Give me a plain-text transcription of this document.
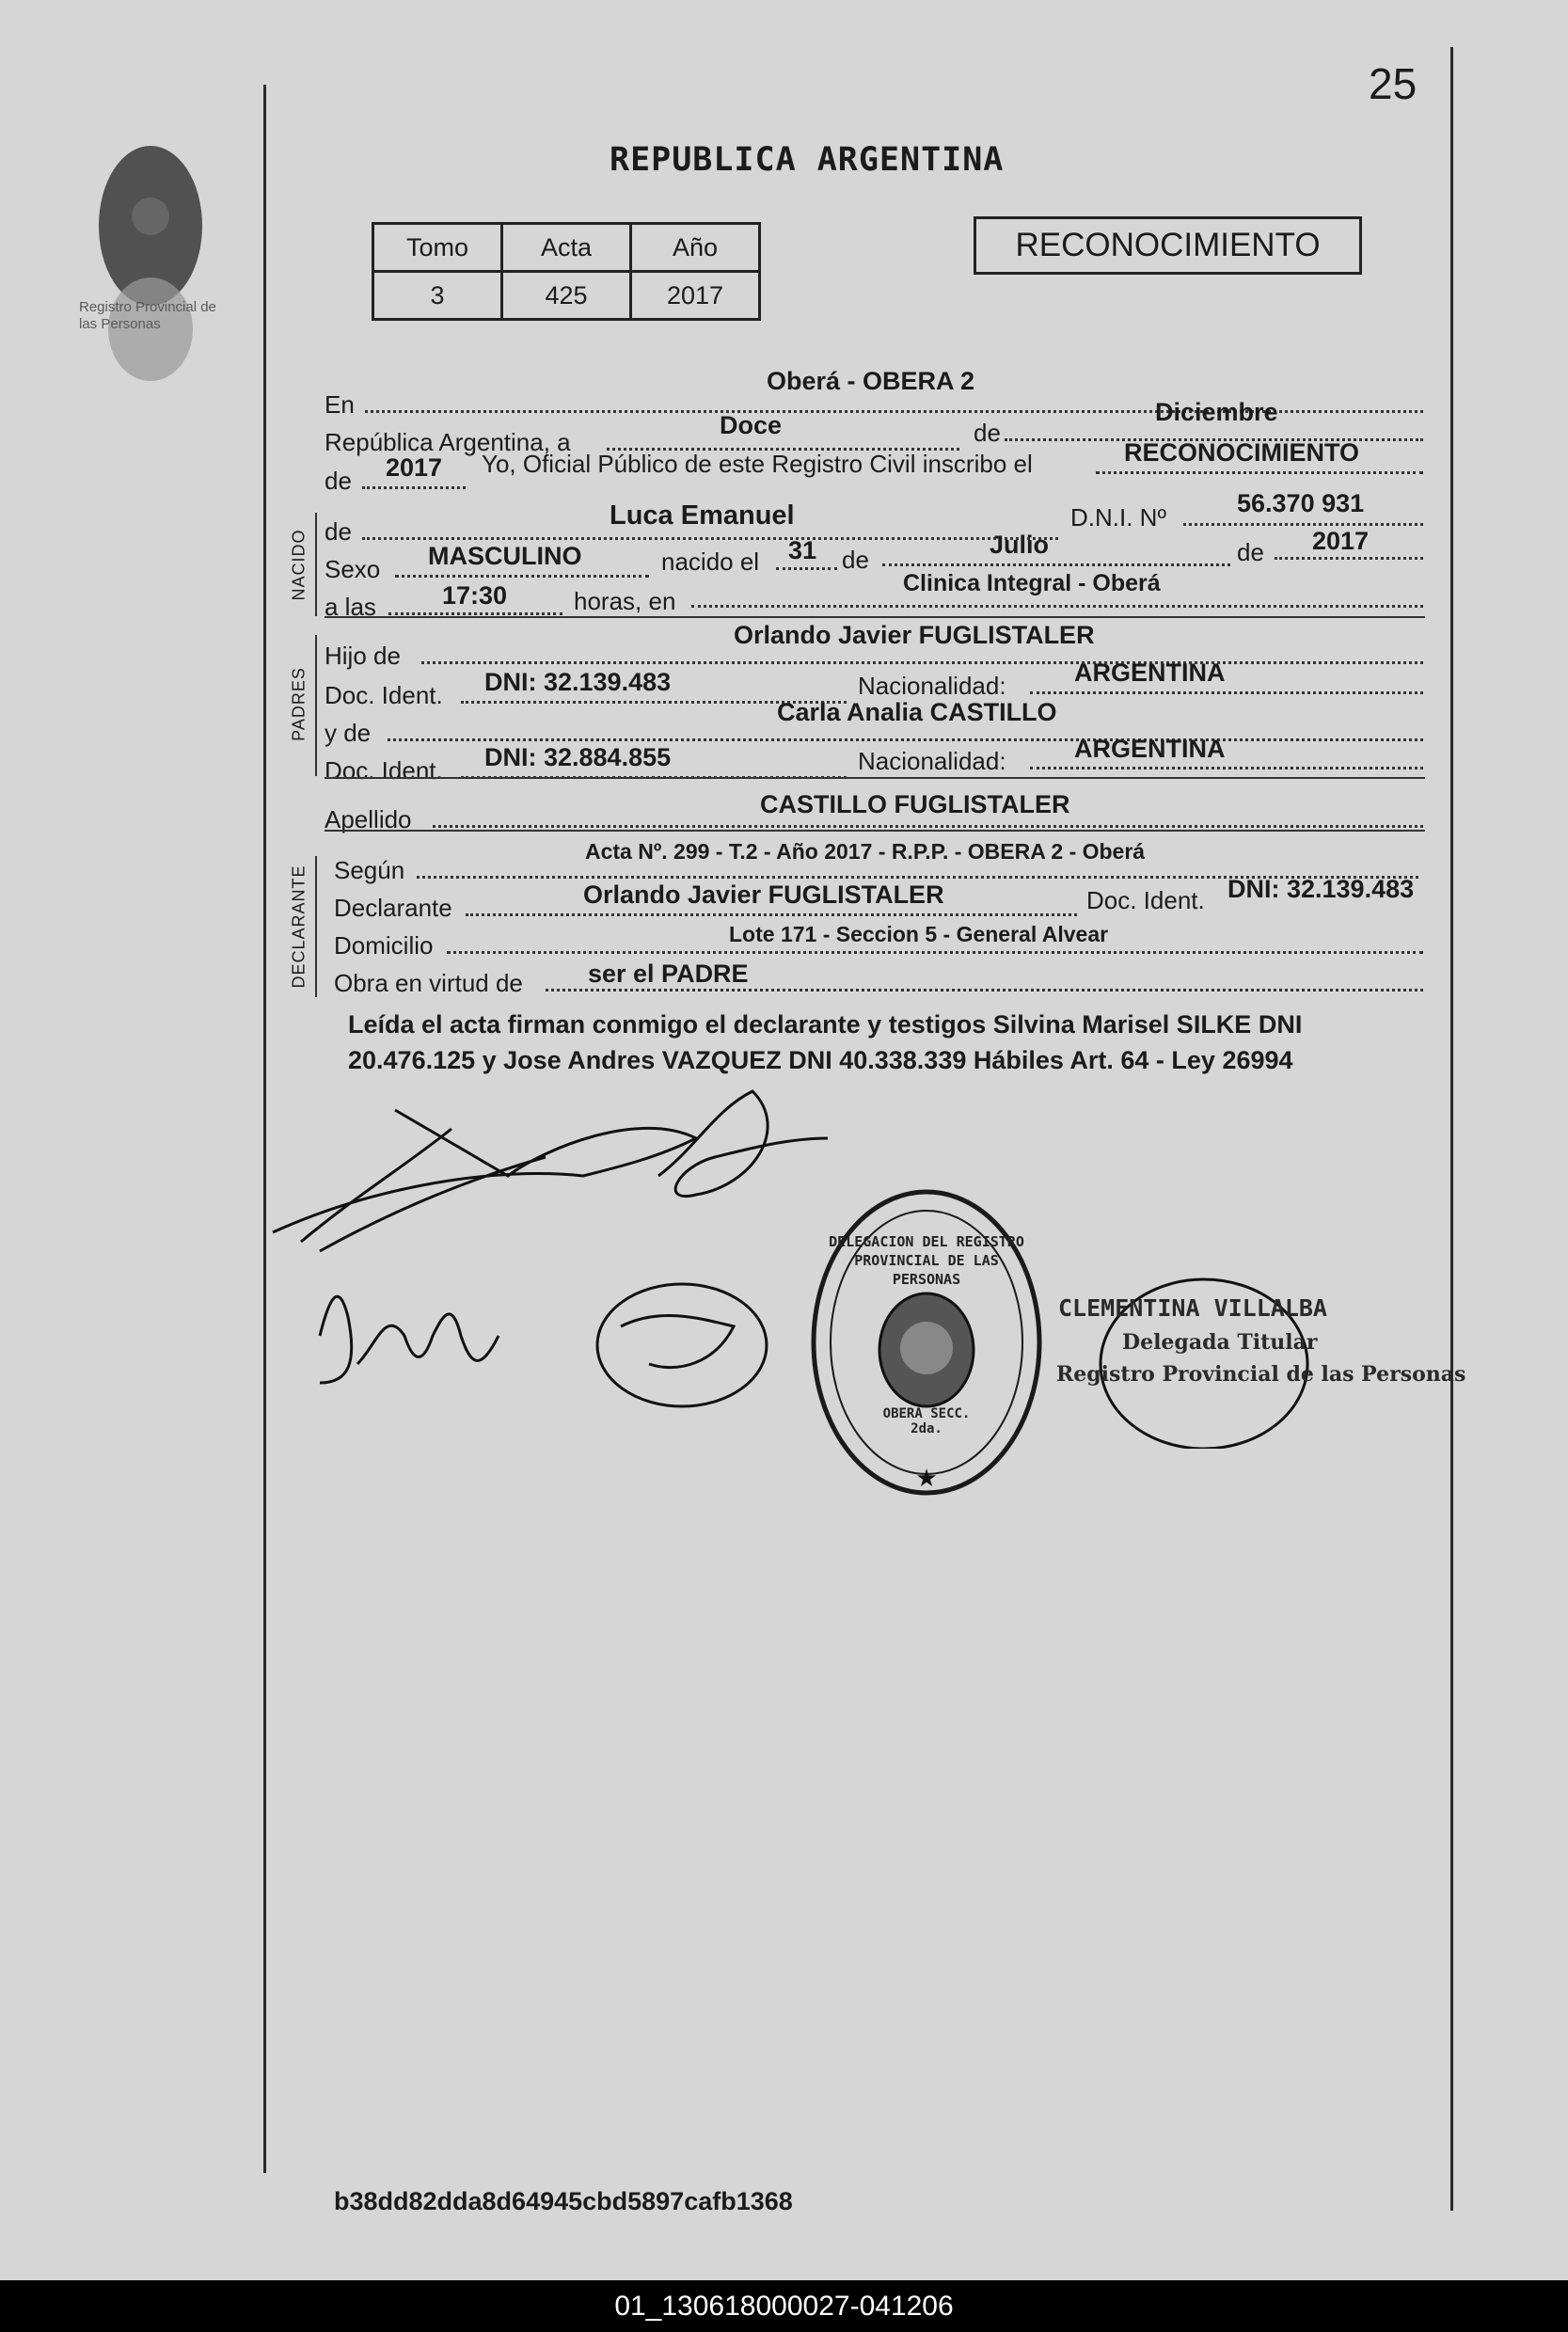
Registro Provincial de las Personas
25
REPUBLICA ARGENTINA
Tomo	Acta	Año
3	425	2017
RECONOCIMIENTO
En
Oberá - OBERA 2
República Argentina, a
Doce	de
Diciembre
de 2017 Yo, Oficial Público de este Registro Civil inscribo el	RECONOCIMIENTO
NACIDO de
Luca Emanuel	D.N.I. Nº	56.370 931
Sexo MASCULINO	nacido el 31 de
Julio	de 2017
a las	17:30	horas, en
Clinica Integral - Oberá
PADRES
Hijo de
Orlando Javier FUGLISTALER
Doc. Ident. DNI: 32.139.483	Nacionalidad:	ARGENTINA
y de
Carla Analia CASTILLO
Doc. Ident. DNI: 32.884.855	Nacionalidad:	ARGENTINA
Apellido
CASTILLO FUGLISTALER
DECLARANTE Según
Acta Nº. 299 - T.2 - Año 2017 - R.P.P. - OBERA 2 - Oberá
Declarante	Orlando Javier FUGLISTALER	Doc. Ident. DNI: 32.139.483
Domicilio	Lote 171 - Seccion 5 - General Alvear
Obra en virtud de	ser el PADRE
Leída el acta firman conmigo el declarante y testigos Silvina Marisel SILKE DNI 20.476.125 y Jose Andres VAZQUEZ DNI 40.338.339 Hábiles Art. 64 - Ley 26994
★
DELEGACION DEL REGISTRO PROVINCIAL DE LAS PERSONAS
OBERA SECC. 2da.
CLEMENTINA VILLALBA
Delegada Titular
Registro Provincial de las Personas
b38dd82dda8d64945cbd5897cafb1368
01_130618000027-041206
